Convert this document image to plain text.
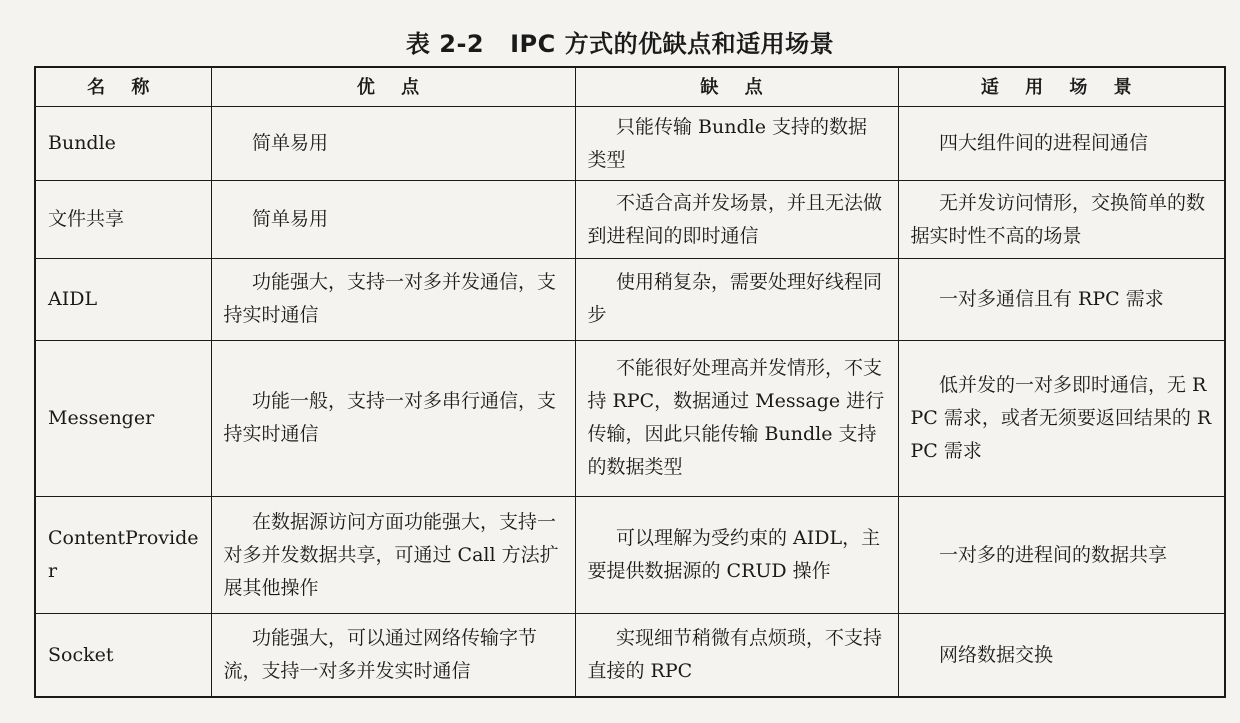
表 2-2 IPC 方式的优缺点和适用场景
名 称	优 点	缺 点	适 用 场 景
Bundle	简单易用	只能传输 Bundle 支持的数据类型	四大组件间的进程间通信

文件共享	简单易用	不适合高并发场景，并且无法做到进程间的即时通信	无并发访问情形，交换简单的数据实时性不高的场景

AIDL	功能强大，支持一对多并发通信，支持实时通信	使用稍复杂，需要处理好线程同步	一对多通信且有 RPC 需求

Messenger	功能一般，支持一对多串行通信，支持实时通信	不能很好处理高并发情形，不支持 RPC，数据通过 Message 进行传输，因此只能传输 Bundle 支持的数据类型	低并发的一对多即时通信，无 RPC 需求，或者无须要返回结果的 RPC 需求

ContentProvider	在数据源访问方面功能强大，支持一对多并发数据共享，可通过 Call 方法扩展其他操作	可以理解为受约束的 AIDL，主要提供数据源的 CRUD 操作	一对多的进程间的数据共享

Socket	功能强大，可以通过网络传输字节流，支持一对多并发实时通信	实现细节稍微有点烦琐，不支持直接的 RPC	网络数据交换
